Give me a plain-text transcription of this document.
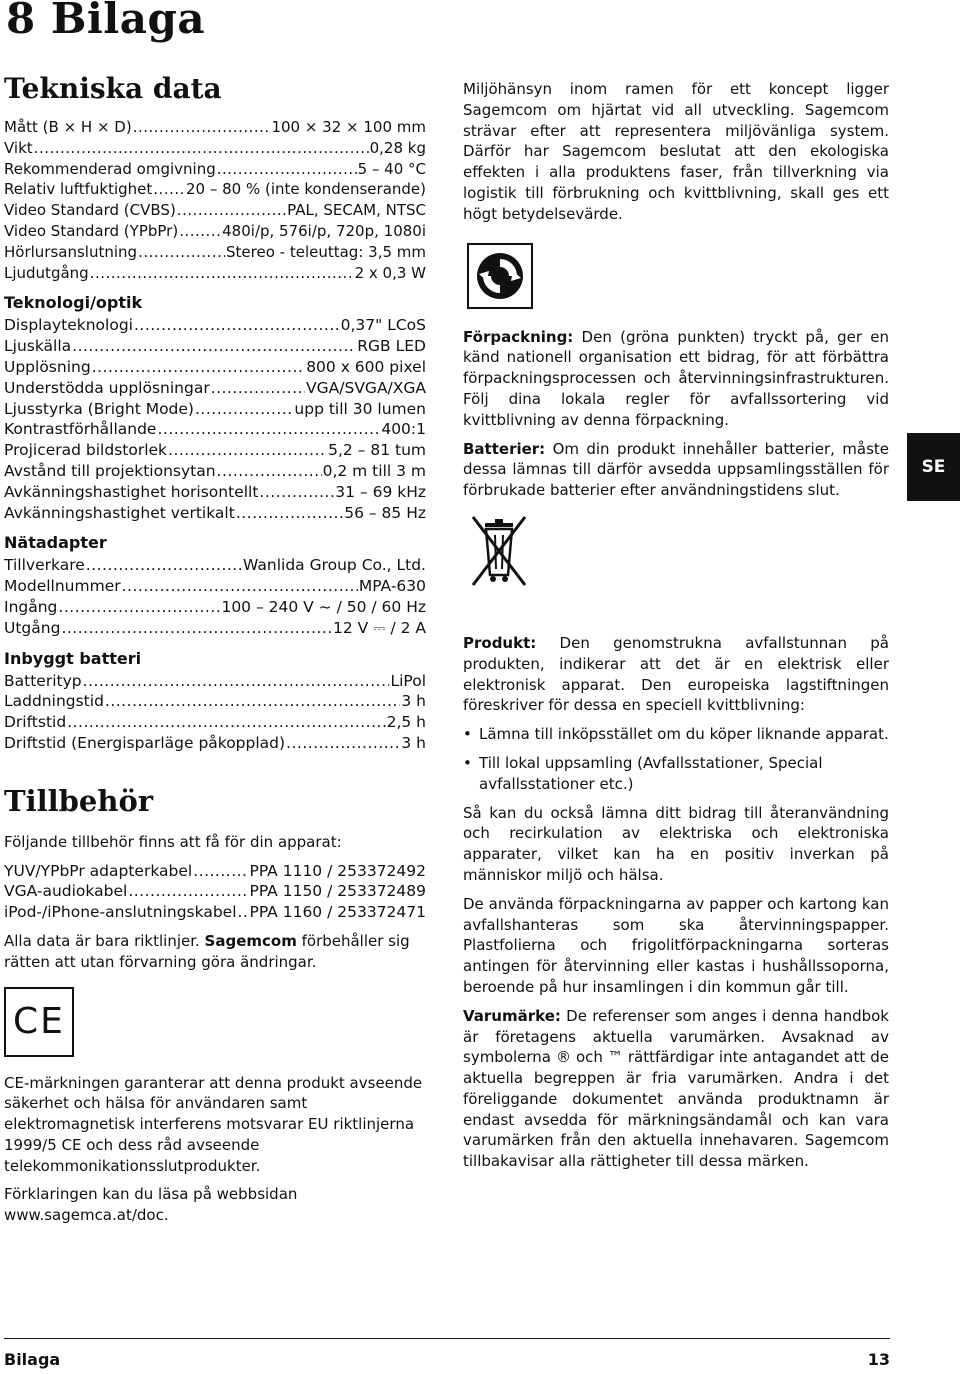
8 Bilaga
Tekniska data
Mått (B × H × D) .....	100 × 32 × 100 mm
Vikt .....	0,28 kg
Rekommenderad omgivning .....	5 – 40 °C
Relativ luftfuktighet ..... 20 – 80 % (inte kondenserande)
Video Standard (CVBS) .....	PAL, SECAM, NTSC
Video Standard (YPbPr) .....	480i/p, 576i/p, 720p, 1080i
Hörlursanslutning .....	Stereo - teleuttag: 3,5 mm
Ljudutgång .....	2 x 0,3 W
Teknologi/optik
Displayteknologi .....	0,37" LCoS
Ljuskälla .....	RGB LED
Upplösning .....	800 x 600 pixel
Understödda upplösningar .....	VGA/SVGA/XGA
Ljusstyrka (Bright Mode) .....	upp till 30 lumen
Kontrastförhållande .....	400:1
Projicerad bildstorlek .....	5,2 – 81 tum
Avstånd till projektionsytan .....	0,2 m till 3 m
Avkänningshastighet horisontellt .....	31 – 69 kHz
Avkänningshastighet vertikalt .....	56 – 85 Hz
Nätadapter
Tillverkare .....	Wanlida Group Co., Ltd.
Modellnummer .....	MPA-630
Ingång .....	100 – 240 V ~ / 50 / 60 Hz
Utgång .....	12 V ⎓ / 2 A
Inbyggt batteri
Batterityp .....	LiPol
Laddningstid .....	3 h
Driftstid .....	2,5 h
Driftstid (Energisparläge påkopplad) .....	3 h
Tillbehör

Följande tillbehör finns att få för din apparat:

YUV/YPbPr adapterkabel .....	PPA 1110 / 253372492
VGA-audiokabel .....	PPA 1150 / 253372489
iPod-/iPhone-anslutningskabel ..... PPA 1160 / 253372471

Alla data är bara riktlinjer. Sagemcom förbehåller sig rätten att utan förvarning göra ändringar.

CE

CE-märkningen garanterar att denna produkt avseende säkerhet och hälsa för användaren samt elektromagnetisk interferens motsvarar EU riktlinjerna 1999/5 CE och dess råd avseende telekommonikationsslutprodukter.

Förklaringen kan du läsa på webbsidan www.sagemca.at/doc.

Miljöhänsyn inom ramen för ett koncept ligger Sagemcom om hjärtat vid all utveckling. Sagemcom strävar efter att representera miljövänliga system. Därför har Sagemcom beslutat att den ekologiska effekten i alla produktens faser, från tillverkning via logistik till förbrukning och kvittblivning, skall ges ett högt betydelsevärde.

Förpackning: Den (gröna punkten) tryckt på, ger en känd nationell organisation ett bidrag, för att förbättra förpackningsprocessen och återvinningsinfrastrukturen. Följ dina lokala regler för avfallssortering vid kvittblivning av denna förpackning.

Batterier: Om din produkt innehåller batterier, måste dessa lämnas till därför avsedda uppsamlingsställen för förbrukade batterier efter användningstidens slut.

Produkt: Den genomstrukna avfallstunnan på produkten, indikerar att det är en elektrisk eller elektronisk apparat. Den europeiska lagstiftningen föreskriver för dessa en speciell kvittblivning:

• Lämna till inköpsstället om du köper liknande apparat.
• Till lokal uppsamling (Avfallsstationer, Special avfallsstationer etc.)

Så kan du också lämna ditt bidrag till återanvändning och recirkulation av elektriska och elektroniska apparater, vilket kan ha en positiv inverkan på människor miljö och hälsa.

De använda förpackningarna av papper och kartong kan avfallshanteras som ska återvinningspapper. Plastfolierna och frigolitförpackningarna sorteras antingen för återvinning eller kastas i hushållssoporna, beroende på hur insamlingen i din kommun går till.

Varumärke: De referenser som anges i denna handbok är företagens aktuella varumärken. Avsaknad av symbolerna ® och ™ rättfärdigar inte antagandet att de aktuella begreppen är fria varumärken. Andra i det föreliggande dokumentet använda produktnamn är endast avsedda för märkningsändamål och kan vara varumärken från den aktuella innehavaren. Sagemcom tillbakavisar alla rättigheter till dessa märken.

SE
Bilaga	13
